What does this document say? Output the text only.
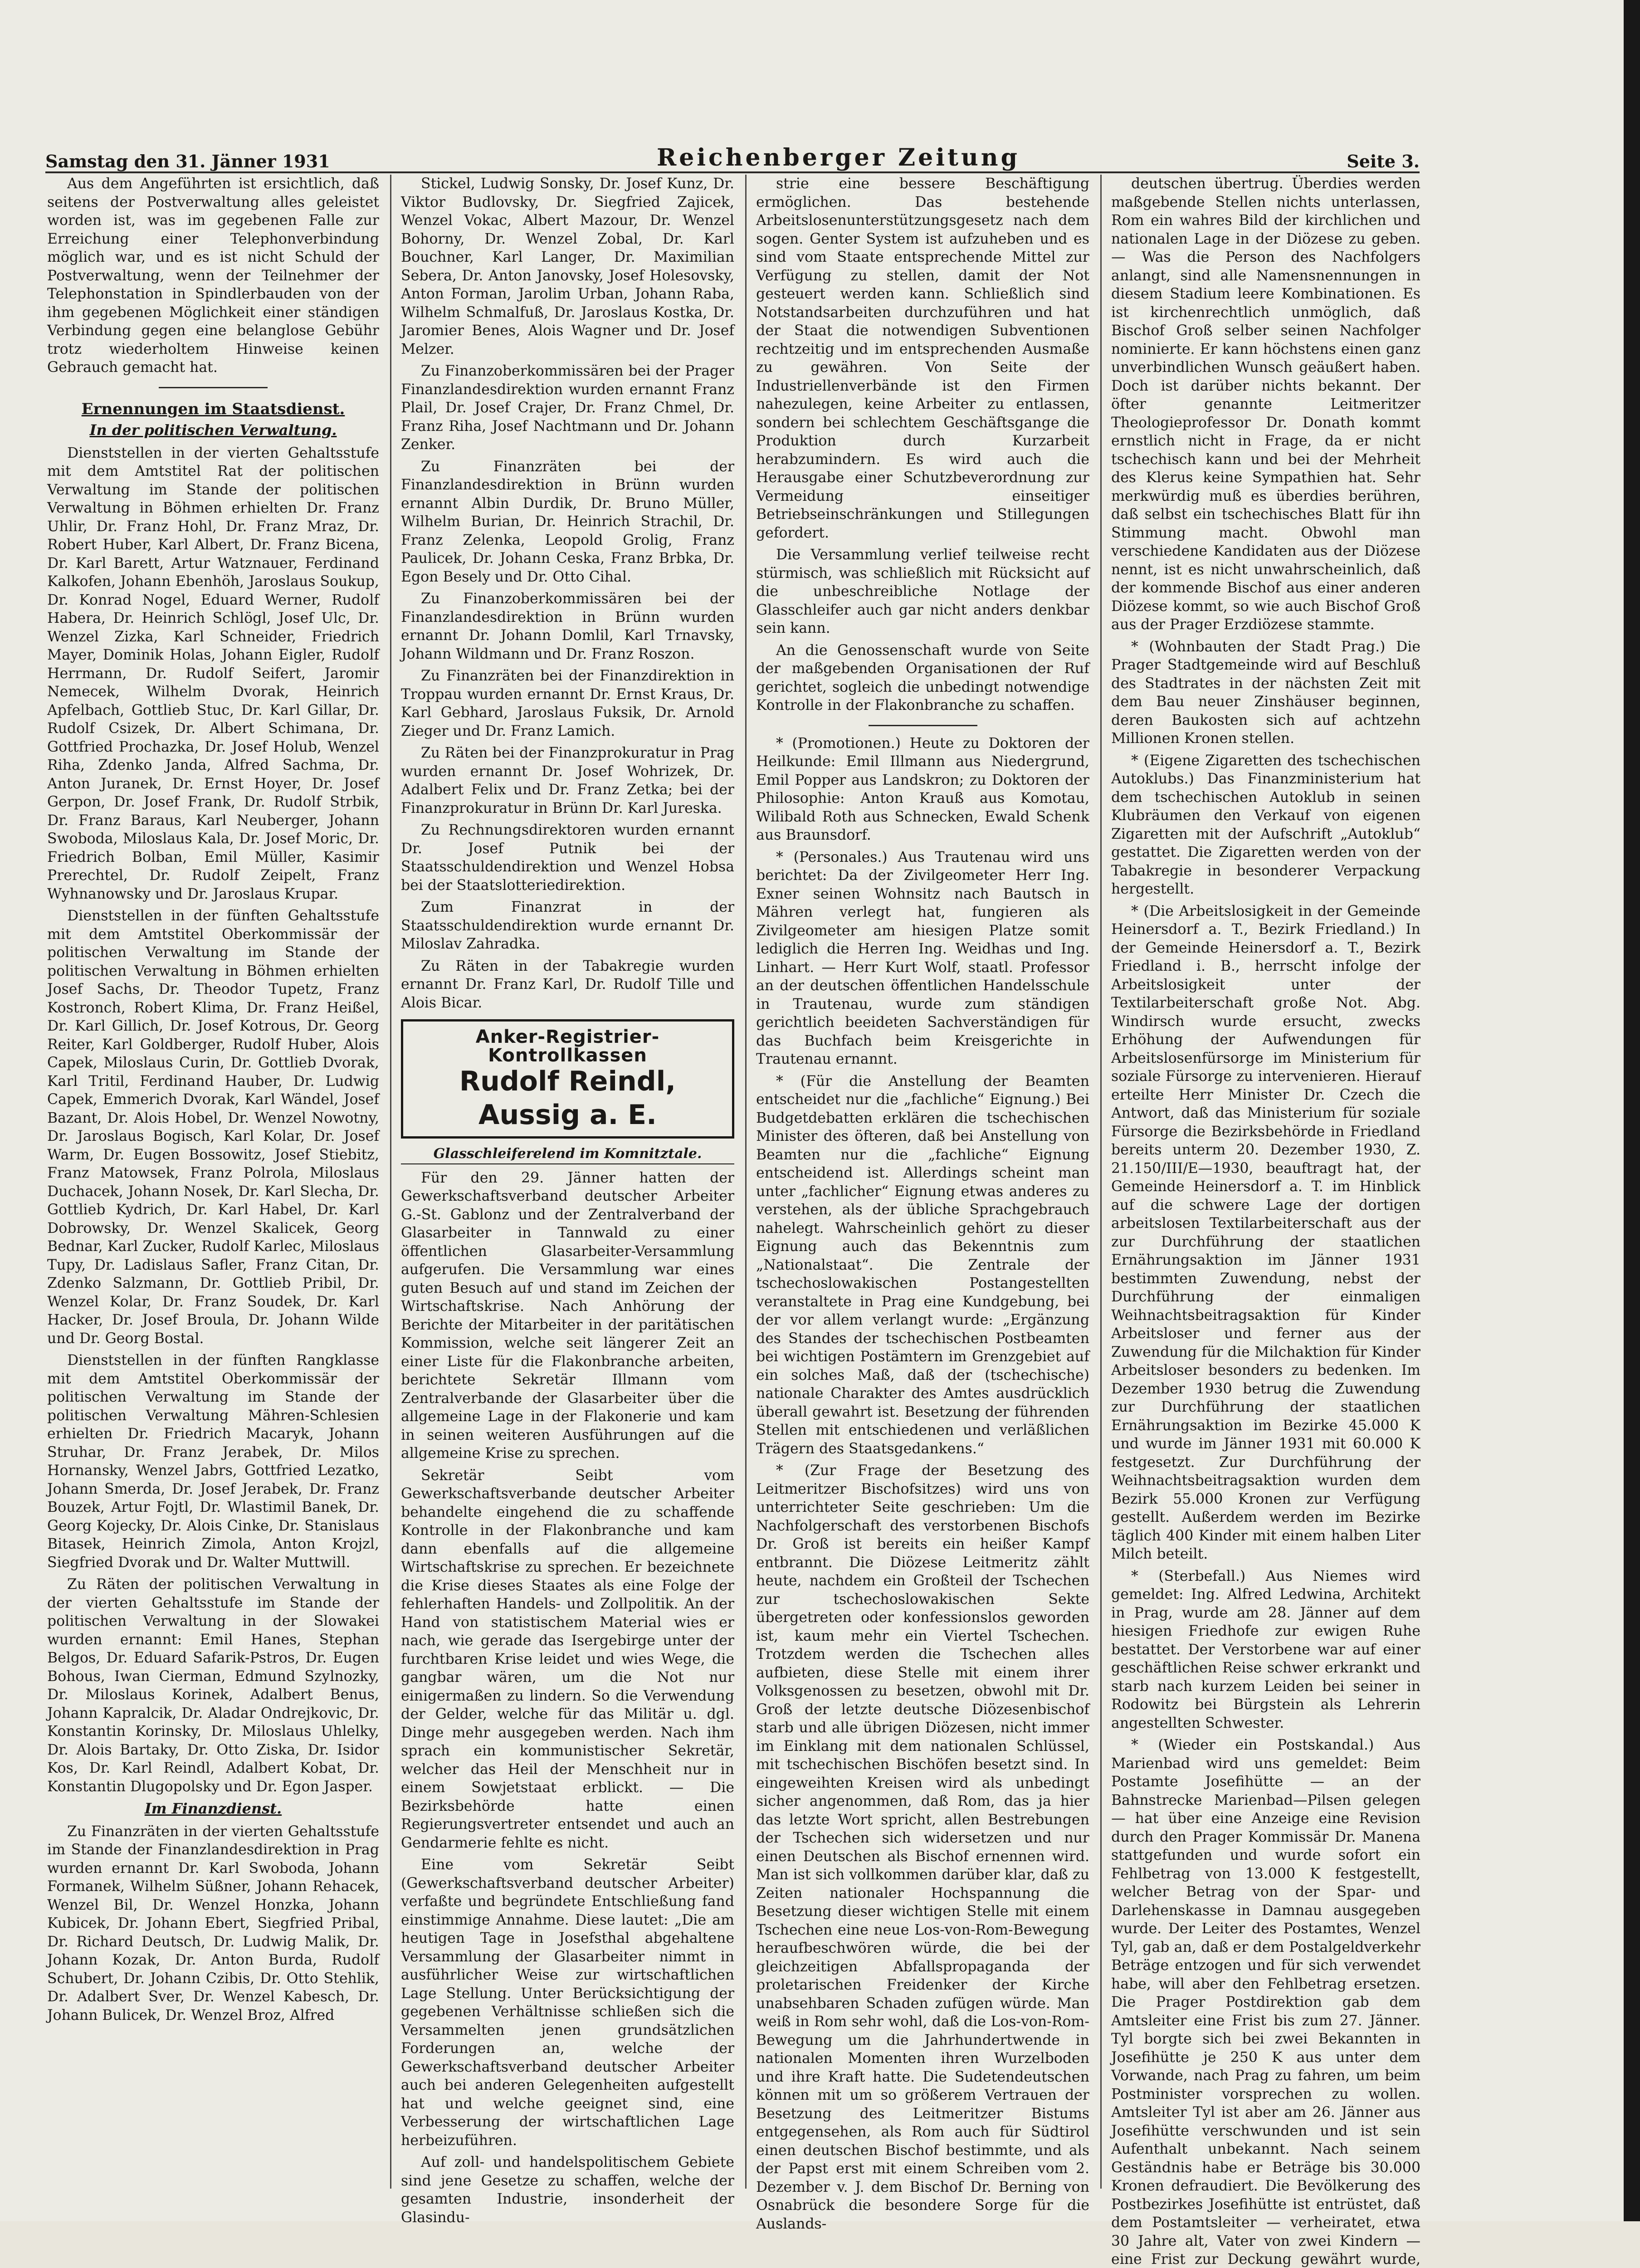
Samstag den 31. Jänner 1931	Reichenberger Zeitung	Seite 3.

Aus dem Angeführten ist ersichtlich, daß seitens der Postverwaltung alles geleistet worden ist, was im gegebenen Falle zur Erreichung einer Telephonverbindung möglich war, und es ist nicht Schuld der Postverwaltung, wenn der Teilnehmer der Telephonstation in Spindlerbauden von der ihm gegebenen Möglichkeit einer ständigen Verbindung gegen eine belanglose Gebühr trotz wiederholtem Hinweise keinen Gebrauch gemacht hat.

Ernennungen im Staatsdienst.
In der politischen Verwaltung.

Dienststellen in der vierten Gehaltsstufe mit dem Amtstitel Rat der politischen Verwaltung im Stande der politischen Verwaltung in Böhmen erhielten Dr. Franz Uhlir, Dr. Franz Hohl, Dr. Franz Mraz, Dr. Robert Huber, Karl Albert, Dr. Franz Bicena, Dr. Karl Barett, Artur Watznauer, Ferdinand Kalkofen, Johann Ebenhöh, Jaroslaus Soukup, Dr. Konrad Nogel, Eduard Werner, Rudolf Habera, Dr. Heinrich Schlögl, Josef Ulc, Dr. Wenzel Zizka, Karl Schneider, Friedrich Mayer, Dominik Holas, Johann Eigler, Rudolf Herrmann, Dr. Rudolf Seifert, Jaromir Nemecek, Wilhelm Dvorak, Heinrich Apfelbach, Gottlieb Stuc, Dr. Karl Gillar, Dr. Rudolf Csizek, Dr. Albert Schimana, Dr. Gottfried Prochazka, Dr. Josef Holub, Wenzel Riha, Zdenko Janda, Alfred Sachma, Dr. Anton Juranek, Dr. Ernst Hoyer, Dr. Josef Gerpon, Dr. Josef Frank, Dr. Rudolf Strbik, Dr. Franz Baraus, Karl Neuberger, Johann Swoboda, Miloslaus Kala, Dr. Josef Moric, Dr. Friedrich Bolban, Emil Müller, Kasimir Prerechtel, Dr. Rudolf Zeipelt, Franz Wyhnanowsky und Dr. Jaroslaus Krupar.

Dienststellen in der fünften Gehaltsstufe mit dem Amtstitel Oberkommissär der politischen Verwaltung im Stande der politischen Verwaltung in Böhmen erhielten Josef Sachs, Dr. Theodor Tupetz, Franz Kostronch, Robert Klima, Dr. Franz Heißel, Dr. Karl Gillich, Dr. Josef Kotrous, Dr. Georg Reiter, Karl Goldberger, Rudolf Huber, Alois Capek, Miloslaus Curin, Dr. Gottlieb Dvorak, Karl Tritil, Ferdinand Hauber, Dr. Ludwig Capek, Emmerich Dvorak, Karl Wändel, Josef Bazant, Dr. Alois Hobel, Dr. Wenzel Nowotny, Dr. Jaroslaus Bogisch, Karl Kolar, Dr. Josef Warm, Dr. Eugen Bossowitz, Josef Stiebitz, Franz Matowsek, Franz Polrola, Miloslaus Duchacek, Johann Nosek, Dr. Karl Slecha, Dr. Gottlieb Kydrich, Dr. Karl Habel, Dr. Karl Dobrowsky, Dr. Wenzel Skalicek, Georg Bednar, Karl Zucker, Rudolf Karlec, Miloslaus Tupy, Dr. Ladislaus Safler, Franz Citan, Dr. Zdenko Salzmann, Dr. Gottlieb Pribil, Dr. Wenzel Kolar, Dr. Franz Soudek, Dr. Karl Hacker, Dr. Josef Broula, Dr. Johann Wilde und Dr. Georg Bostal.

Dienststellen in der fünften Rangklasse mit dem Amtstitel Oberkommissär der politischen Verwaltung im Stande der politischen Verwaltung Mähren-Schlesien erhielten Dr. Friedrich Macaryk, Johann Struhar, Dr. Franz Jerabek, Dr. Milos Hornansky, Wenzel Jabrs, Gottfried Lezatko, Johann Smerda, Dr. Josef Jerabek, Dr. Franz Bouzek, Artur Fojtl, Dr. Wlastimil Banek, Dr. Georg Kojecky, Dr. Alois Cinke, Dr. Stanislaus Bitasek, Heinrich Zimola, Anton Krojzl, Siegfried Dvorak und Dr. Walter Muttwill.

Zu Räten der politischen Verwaltung in der vierten Gehaltsstufe im Stande der politischen Verwaltung in der Slowakei wurden ernannt: Emil Hanes, Stephan Belgos, Dr. Eduard Safarik-Pstros, Dr. Eugen Bohous, Iwan Cierman, Edmund Szylnozky, Dr. Miloslaus Korinek, Adalbert Benus, Johann Kapralcik, Dr. Aladar Ondrejkovic, Dr. Konstantin Korinsky, Dr. Miloslaus Uhlelky, Dr. Alois Bartaky, Dr. Otto Ziska, Dr. Isidor Kos, Dr. Karl Reindl, Adalbert Kobat, Dr. Konstantin Dlugopolsky und Dr. Egon Jasper.

Im Finanzdienst.

Zu Finanzräten in der vierten Gehaltsstufe im Stande der Finanzlandesdirektion in Prag wurden ernannt Dr. Karl Swoboda, Johann Formanek, Wilhelm Süßner, Johann Rehacek, Wenzel Bil, Dr. Wenzel Honzka, Johann Kubicek, Dr. Johann Ebert, Siegfried Pribal, Dr. Richard Deutsch, Dr. Ludwig Malik, Dr. Johann Kozak, Dr. Anton Burda, Rudolf Schubert, Dr. Johann Czibis, Dr. Otto Stehlik, Dr. Adalbert Sver, Dr. Wenzel Kabesch, Dr. Johann Bulicek, Dr. Wenzel Broz, Alfred

Stickel, Ludwig Sonsky, Dr. Josef Kunz, Dr. Viktor Budlovsky, Dr. Siegfried Zajicek, Wenzel Vokac, Albert Mazour, Dr. Wenzel Bohorny, Dr. Wenzel Zobal, Dr. Karl Bouchner, Karl Langer, Dr. Maximilian Sebera, Dr. Anton Janovsky, Josef Holesovsky, Anton Forman, Jarolim Urban, Johann Raba, Wilhelm Schmalfuß, Dr. Jaroslaus Kostka, Dr. Jaromier Benes, Alois Wagner und Dr. Josef Melzer.

Zu Finanzoberkommissären bei der Prager Finanzlandesdirektion wurden ernannt Franz Plail, Dr. Josef Crajer, Dr. Franz Chmel, Dr. Franz Riha, Josef Nachtmann und Dr. Johann Zenker.

Zu Finanzräten bei der Finanzlandesdirektion in Brünn wurden ernannt Albin Durdik, Dr. Bruno Müller, Wilhelm Burian, Dr. Heinrich Strachil, Dr. Franz Zelenka, Leopold Grolig, Franz Paulicek, Dr. Johann Ceska, Franz Brbka, Dr. Egon Besely und Dr. Otto Cihal.

Zu Finanzoberkommissären bei der Finanzlandesdirektion in Brünn wurden ernannt Dr. Johann Domlil, Karl Trnavsky, Johann Wildmann und Dr. Franz Roszon.

Zu Finanzräten bei der Finanzdirektion in Troppau wurden ernannt Dr. Ernst Kraus, Dr. Karl Gebhard, Jaroslaus Fuksik, Dr. Arnold Zieger und Dr. Franz Lamich.

Zu Räten bei der Finanzprokuratur in Prag wurden ernannt Dr. Josef Wohrizek, Dr. Adalbert Felix und Dr. Franz Zetka; bei der Finanzprokuratur in Brünn Dr. Karl Jureska.

Zu Rechnungsdirektoren wurden ernannt Dr. Josef Putnik bei der Staatsschuldendirektion und Wenzel Hobsa bei der Staatslotteriedirektion.

Zum Finanzrat in der Staatsschuldendirektion wurde ernannt Dr. Miloslav Zahradka.

Zu Räten in der Tabakregie wurden ernannt Dr. Franz Karl, Dr. Rudolf Tille und Alois Bicar.

Anker-Registrier-Kontrollkassen
Rudolf Reindl, Aussig a. E.
Glasschleiferelend im Komnitztale.

Für den 29. Jänner hatten der Gewerkschaftsverband deutscher Arbeiter G.-St. Gablonz und der Zentralverband der Glasarbeiter in Tannwald zu einer öffentlichen Glasarbeiter-Versammlung aufgerufen. Die Versammlung war eines guten Besuch auf und stand im Zeichen der Wirtschaftskrise. Nach Anhörung der Berichte der Mitarbeiter in der paritätischen Kommission, welche seit längerer Zeit an einer Liste für die Flakonbranche arbeiten, berichtete Sekretär Illmann vom Zentralverbande der Glasarbeiter über die allgemeine Lage in der Flakonerie und kam in seinen weiteren Ausführungen auf die allgemeine Krise zu sprechen.

Sekretär Seibt vom Gewerkschaftsverbande deutscher Arbeiter behandelte eingehend die zu schaffende Kontrolle in der Flakonbranche und kam dann ebenfalls auf die allgemeine Wirtschaftskrise zu sprechen. Er bezeichnete die Krise dieses Staates als eine Folge der fehlerhaften Handels- und Zollpolitik. An der Hand von statistischem Material wies er nach, wie gerade das Isergebirge unter der furchtbaren Krise leidet und wies Wege, die gangbar wären, um die Not nur einigermaßen zu lindern. So die Verwendung der Gelder, welche für das Militär u. dgl. Dinge mehr ausgegeben werden. Nach ihm sprach ein kommunistischer Sekretär, welcher das Heil der Menschheit nur in einem Sowjetstaat erblickt. — Die Bezirksbehörde hatte einen Regierungsvertreter entsendet und auch an Gendarmerie fehlte es nicht.

Eine vom Sekretär Seibt (Gewerkschaftsverband deutscher Arbeiter) verfaßte und begründete Entschließung fand einstimmige Annahme. Diese lautet: „Die am heutigen Tage in Josefsthal abgehaltene Versammlung der Glasarbeiter nimmt in ausführlicher Weise zur wirtschaftlichen Lage Stellung. Unter Berücksichtigung der gegebenen Verhältnisse schließen sich die Versammelten jenen grundsätzlichen Forderungen an, welche der Gewerkschaftsverband deutscher Arbeiter auch bei anderen Gelegenheiten aufgestellt hat und welche geeignet sind, eine Verbesserung der wirtschaftlichen Lage herbeizuführen.

Auf zoll- und handelspolitischem Gebiete sind jene Gesetze zu schaffen, welche der gesamten Industrie, insonderheit der Glasindu-

strie eine bessere Beschäftigung ermöglichen. Das bestehende Arbeitslosenunterstützungsgesetz nach dem sogen. Genter System ist aufzuheben und es sind vom Staate entsprechende Mittel zur Verfügung zu stellen, damit der Not gesteuert werden kann. Schließlich sind Notstandsarbeiten durchzuführen und hat der Staat die notwendigen Subventionen rechtzeitig und im entsprechenden Ausmaße zu gewähren. Von Seite der Industriellenverbände ist den Firmen nahezulegen, keine Arbeiter zu entlassen, sondern bei schlechtem Geschäftsgange die Produktion durch Kurzarbeit herabzumindern. Es wird auch die Herausgabe einer Schutzbeverordnung zur Vermeidung einseitiger Betriebseinschränkungen und Stillegungen gefordert.

Die Versammlung verlief teilweise recht stürmisch, was schließlich mit Rücksicht auf die unbeschreibliche Notlage der Glasschleifer auch gar nicht anders denkbar sein kann.

An die Genossenschaft wurde von Seite der maßgebenden Organisationen der Ruf gerichtet, sogleich die unbedingt notwendige Kontrolle in der Flakonbranche zu schaffen.

* (Promotionen.) Heute zu Doktoren der Heilkunde: Emil Illmann aus Niedergrund, Emil Popper aus Landskron; zu Doktoren der Philosophie: Anton Krauß aus Komotau, Wilibald Roth aus Schnecken, Ewald Schenk aus Braunsdorf.

* (Personales.) Aus Trautenau wird uns berichtet: Da der Zivilgeometer Herr Ing. Exner seinen Wohnsitz nach Bautsch in Mähren verlegt hat, fungieren als Zivilgeometer am hiesigen Platze somit lediglich die Herren Ing. Weidhas und Ing. Linhart. — Herr Kurt Wolf, staatl. Professor an der deutschen öffentlichen Handelsschule in Trautenau, wurde zum ständigen gerichtlich beeideten Sachverständigen für das Buchfach beim Kreisgerichte in Trautenau ernannt.

* (Für die Anstellung der Beamten entscheidet nur die „fachliche“ Eignung.) Bei Budgetdebatten erklären die tschechischen Minister des öfteren, daß bei Anstellung von Beamten nur die „fachliche“ Eignung entscheidend ist. Allerdings scheint man unter „fachlicher“ Eignung etwas anderes zu verstehen, als der übliche Sprachgebrauch nahelegt. Wahrscheinlich gehört zu dieser Eignung auch das Bekenntnis zum „Nationalstaat“. Die Zentrale der tschechoslowakischen Postangestellten veranstaltete in Prag eine Kundgebung, bei der vor allem verlangt wurde: „Ergänzung des Standes der tschechischen Postbeamten bei wichtigen Postämtern im Grenzgebiet auf ein solches Maß, daß der (tschechische) nationale Charakter des Amtes ausdrücklich überall gewahrt ist. Besetzung der führenden Stellen mit entschiedenen und verläßlichen Trägern des Staatsgedankens.“

* (Zur Frage der Besetzung des Leitmeritzer Bischofsitzes) wird uns von unterrichteter Seite geschrieben: Um die Nachfolgerschaft des verstorbenen Bischofs Dr. Groß ist bereits ein heißer Kampf entbrannt. Die Diözese Leitmeritz zählt heute, nachdem ein Großteil der Tschechen zur tschechoslowakischen Sekte übergetreten oder konfessionslos geworden ist, kaum mehr ein Viertel Tschechen. Trotzdem werden die Tschechen alles aufbieten, diese Stelle mit einem ihrer Volksgenossen zu besetzen, obwohl mit Dr. Groß der letzte deutsche Diözesenbischof starb und alle übrigen Diözesen, nicht immer im Einklang mit dem nationalen Schlüssel, mit tschechischen Bischöfen besetzt sind. In eingeweihten Kreisen wird als unbedingt sicher angenommen, daß Rom, das ja hier das letzte Wort spricht, allen Bestrebungen der Tschechen sich widersetzen und nur einen Deutschen als Bischof ernennen wird. Man ist sich vollkommen darüber klar, daß zu Zeiten nationaler Hochspannung die Besetzung dieser wichtigen Stelle mit einem Tschechen eine neue Los-von-Rom-Bewegung heraufbeschwören würde, die bei der gleichzeitigen Abfallspropaganda der proletarischen Freidenker der Kirche unabsehbaren Schaden zufügen würde. Man weiß in Rom sehr wohl, daß die Los-von-Rom-Bewegung um die Jahrhundertwende in nationalen Momenten ihren Wurzelboden und ihre Kraft hatte. Die Sudetendeutschen können mit um so größerem Vertrauen der Besetzung des Leitmeritzer Bistums entgegensehen, als Rom auch für Südtirol einen deutschen Bischof bestimmte, und als der Papst erst mit einem Schreiben vom 2. Dezember v. J. dem Bischof Dr. Berning von Osnabrück die besondere Sorge für die Auslands-

deutschen übertrug. Überdies werden maßgebende Stellen nichts unterlassen, Rom ein wahres Bild der kirchlichen und nationalen Lage in der Diözese zu geben. — Was die Person des Nachfolgers anlangt, sind alle Namensnennungen in diesem Stadium leere Kombinationen. Es ist kirchenrechtlich unmöglich, daß Bischof Groß selber seinen Nachfolger nominierte. Er kann höchstens einen ganz unverbindlichen Wunsch geäußert haben. Doch ist darüber nichts bekannt. Der öfter genannte Leitmeritzer Theologieprofessor Dr. Donath kommt ernstlich nicht in Frage, da er nicht tschechisch kann und bei der Mehrheit des Klerus keine Sympathien hat. Sehr merkwürdig muß es überdies berühren, daß selbst ein tschechisches Blatt für ihn Stimmung macht. Obwohl man verschiedene Kandidaten aus der Diözese nennt, ist es nicht unwahrscheinlich, daß der kommende Bischof aus einer anderen Diözese kommt, so wie auch Bischof Groß aus der Prager Erzdiözese stammte.

* (Wohnbauten der Stadt Prag.) Die Prager Stadtgemeinde wird auf Beschluß des Stadtrates in der nächsten Zeit mit dem Bau neuer Zinshäuser beginnen, deren Baukosten sich auf achtzehn Millionen Kronen stellen.

* (Eigene Zigaretten des tschechischen Autoklubs.) Das Finanzministerium hat dem tschechischen Autoklub in seinen Klubräumen den Verkauf von eigenen Zigaretten mit der Aufschrift „Autoklub“ gestattet. Die Zigaretten werden von der Tabakregie in besonderer Verpackung hergestellt.

* (Die Arbeitslosigkeit in der Gemeinde Heinersdorf a. T., Bezirk Friedland.) In der Gemeinde Heinersdorf a. T., Bezirk Friedland i. B., herrscht infolge der Arbeitslosigkeit unter der Textilarbeiterschaft große Not. Abg. Windirsch wurde ersucht, zwecks Erhöhung der Aufwendungen für Arbeitslosenfürsorge im Ministerium für soziale Fürsorge zu intervenieren. Hierauf erteilte Herr Minister Dr. Czech die Antwort, daß das Ministerium für soziale Fürsorge die Bezirksbehörde in Friedland bereits unterm 20. Dezember 1930, Z. 21.150/III/E—1930, beauftragt hat, der Gemeinde Heinersdorf a. T. im Hinblick auf die schwere Lage der dortigen arbeitslosen Textilarbeiterschaft aus der zur Durchführung der staatlichen Ernährungsaktion im Jänner 1931 bestimmten Zuwendung, nebst der Durchführung der einmaligen Weihnachtsbeitragsaktion für Kinder Arbeitsloser und ferner aus der Zuwendung für die Milchaktion für Kinder Arbeitsloser besonders zu bedenken. Im Dezember 1930 betrug die Zuwendung zur Durchführung der staatlichen Ernährungsaktion im Bezirke 45.000 K und wurde im Jänner 1931 mit 60.000 K festgesetzt. Zur Durchführung der Weihnachtsbeitragsaktion wurden dem Bezirk 55.000 Kronen zur Verfügung gestellt. Außerdem werden im Bezirke täglich 400 Kinder mit einem halben Liter Milch beteilt.

* (Sterbefall.) Aus Niemes wird gemeldet: Ing. Alfred Ledwina, Architekt in Prag, wurde am 28. Jänner auf dem hiesigen Friedhofe zur ewigen Ruhe bestattet. Der Verstorbene war auf einer geschäftlichen Reise schwer erkrankt und starb nach kurzem Leiden bei seiner in Rodowitz bei Bürgstein als Lehrerin angestellten Schwester.

* (Wieder ein Postskandal.) Aus Marienbad wird uns gemeldet: Beim Postamte Josefihütte — an der Bahnstrecke Marienbad—Pilsen gelegen — hat über eine Anzeige eine Revision durch den Prager Kommissär Dr. Manena stattgefunden und wurde sofort ein Fehlbetrag von 13.000 K festgestellt, welcher Betrag von der Spar- und Darlehenskasse in Damnau ausgegeben wurde. Der Leiter des Postamtes, Wenzel Tyl, gab an, daß er dem Postalgeldverkehr Beträge entzogen und für sich verwendet habe, will aber den Fehlbetrag ersetzen. Die Prager Postdirektion gab dem Amtsleiter eine Frist bis zum 27. Jänner. Tyl borgte sich bei zwei Bekannten in Josefihütte je 250 K aus unter dem Vorwande, nach Prag zu fahren, um beim Postminister vorsprechen zu wollen. Amtsleiter Tyl ist aber am 26. Jänner aus Josefihütte verschwunden und ist sein Aufenthalt unbekannt. Nach seinem Geständnis habe er Beträge bis 30.000 Kronen defraudiert. Die Bevölkerung des Postbezirkes Josefihütte ist entrüstet, daß dem Postamtsleiter — verheiratet, etwa 30 Jahre alt, Vater von zwei Kindern — eine Frist zur Deckung gewährt wurde,
